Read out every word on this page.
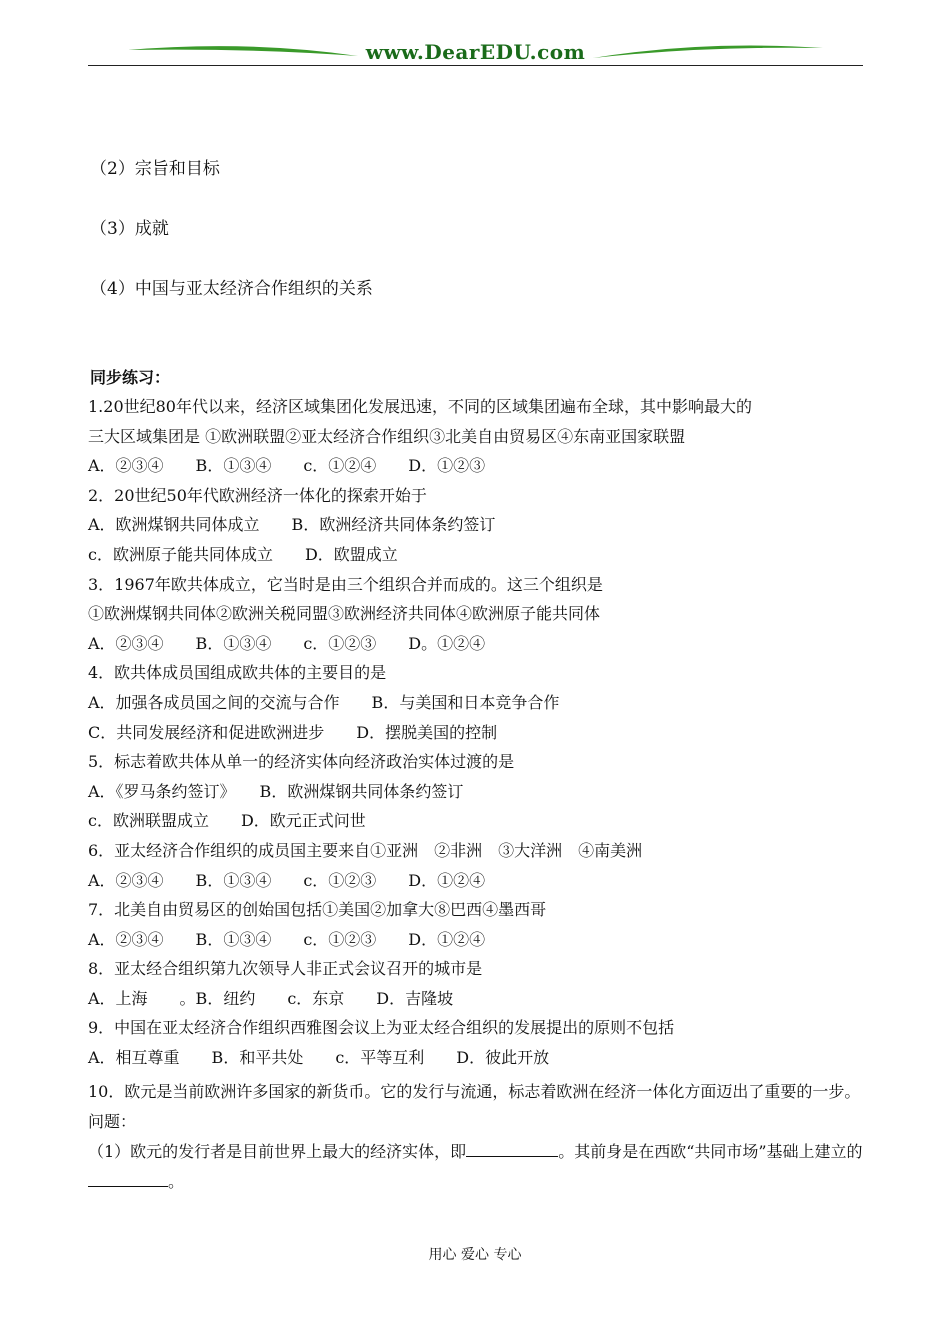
www.DearEDU.com
（2）宗旨和目标
（3）成就
（4）中国与亚太经济合作组织的关系
同步练习：
1.20世纪80年代以来，经济区域集团化发展迅速，不同的区域集团遍布全球，其中影响最大的
三大区域集团是 ①欧洲联盟②亚太经济合作组织③北美自由贸易区④东南亚国家联盟
A．②③④　　B．①③④　　c．①②④　　D．①②③
2．20世纪50年代欧洲经济一体化的探索开始于
A．欧洲煤钢共同体成立　　B．欧洲经济共同体条约签订
c．欧洲原子能共同体成立　　D．欧盟成立
3．1967年欧共体成立，它当时是由三个组织合并而成的。这三个组织是
①欧洲煤钢共同体②欧洲关税同盟③欧洲经济共同体④欧洲原子能共同体
A．②③④　　B．①③④　　c．①②③　　D。①②④
4．欧共体成员国组成欧共体的主要目的是
A．加强各成员国之间的交流与合作　　B．与美国和日本竞争合作
C．共同发展经济和促进欧洲进步　　D．摆脱美国的控制
5．标志着欧共体从单一的经济实体向经济政治实体过渡的是
A．《罗马条约签订》　　B．欧洲煤钢共同体条约签订
c．欧洲联盟成立　　D．欧元正式问世
6．亚太经济合作组织的成员国主要来自①亚洲　②非洲　③大洋洲　④南美洲
A．②③④　　B．①③④　　c．①②③　　D．①②④
7．北美自由贸易区的创始国包括①美国②加拿大⑧巴西④墨西哥
A．②③④　　B．①③④　　c．①②③　　D．①②④
8．亚太经合组织第九次领导人非正式会议召开的城市是
A．上海　　。B．纽约　　c．东京　　D．吉隆坡
9．中国在亚太经济合作组织西雅图会议上为亚太经合组织的发展提出的原则不包括
A．相互尊重　　B．和平共处　　c．平等互利　　D．彼此开放
10．欧元是当前欧洲许多国家的新货币。它的发行与流通，标志着欧洲在经济一体化方面迈出了重要的一步。问题：
（1）欧元的发行者是目前世界上最大的经济实体，即	。其前身是在西欧“共同市场”基础上建立的。
用心 爱心 专心
